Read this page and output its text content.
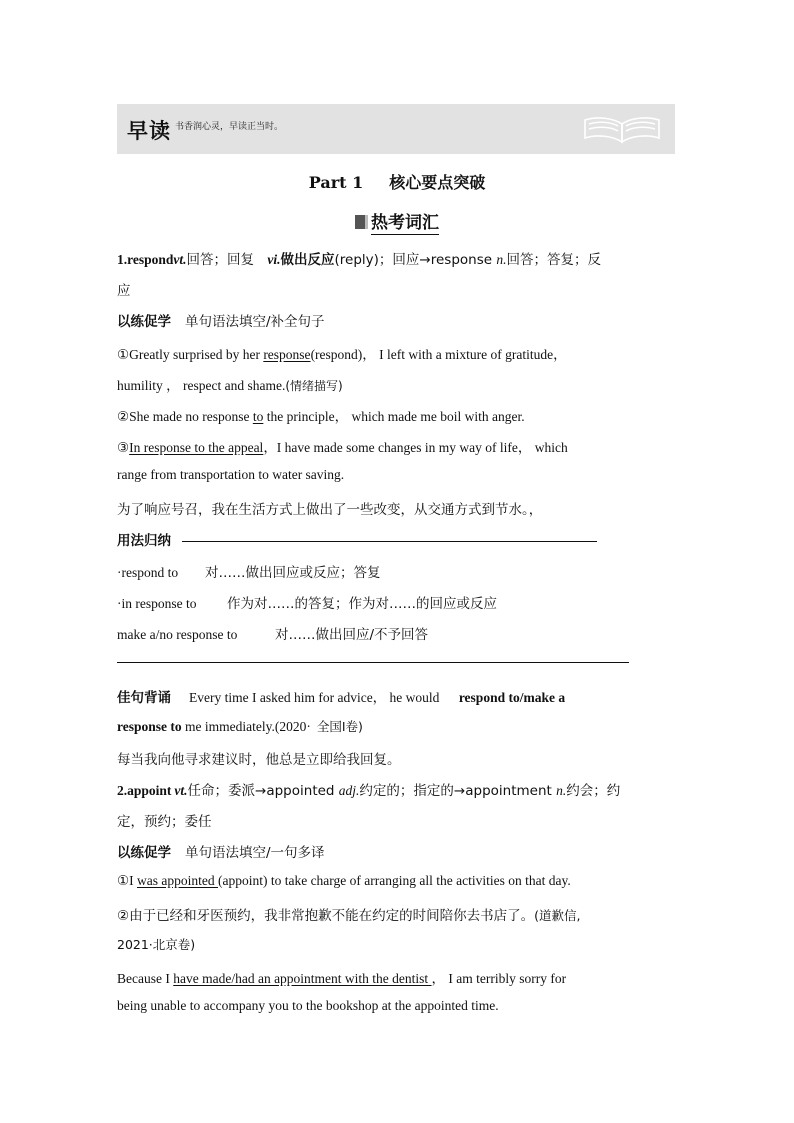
早读 书香润心灵，早读正当时。
Part 1 核心要点突破
热考词汇
1.respondvt.回答；回复 vi.做出反应(reply)；回应→response n.回答；答复；反
应
以练促学 单句语法填空/补全句子
①Greatly surprised by her response(respond)， I left with a mixture of gratitude，
humility ， respect and shame.(情绪描写)
②She made no response to the principle， which made me boil with anger.
③In response to the appeal，I have made some changes in my way of life， which
range from transportation to water saving.
为了响应号召，我在生活方式上做出了一些改变，从交通方式到节水。，
用法归纳
·respond to 对……做出回应或反应；答复
·in response to 作为对……的答复；作为对……的回应或反应
make a/no response to	对……做出回应/不予回答
佳句背诵 Every time I asked him for advice， he would respond to/make a
response to me immediately.(2020· 全国Ⅰ卷)
每当我向他寻求建议时，他总是立即给我回复。
2.appoint vt.任命；委派→appointed adj.约定的；指定的→appointment n.约会；约
定，预约；委任
以练促学 单句语法填空/一句多译
①I was appointed (appoint) to take charge of arranging all the activities on that day.
②由于已经和牙医预约，我非常抱歉不能在约定的时间陪你去书店了。(道歉信,
2021·北京卷)
Because I have made/had an appointment with the dentist ， I am terribly sorry for
being unable to accompany you to the bookshop at the appointed time.
